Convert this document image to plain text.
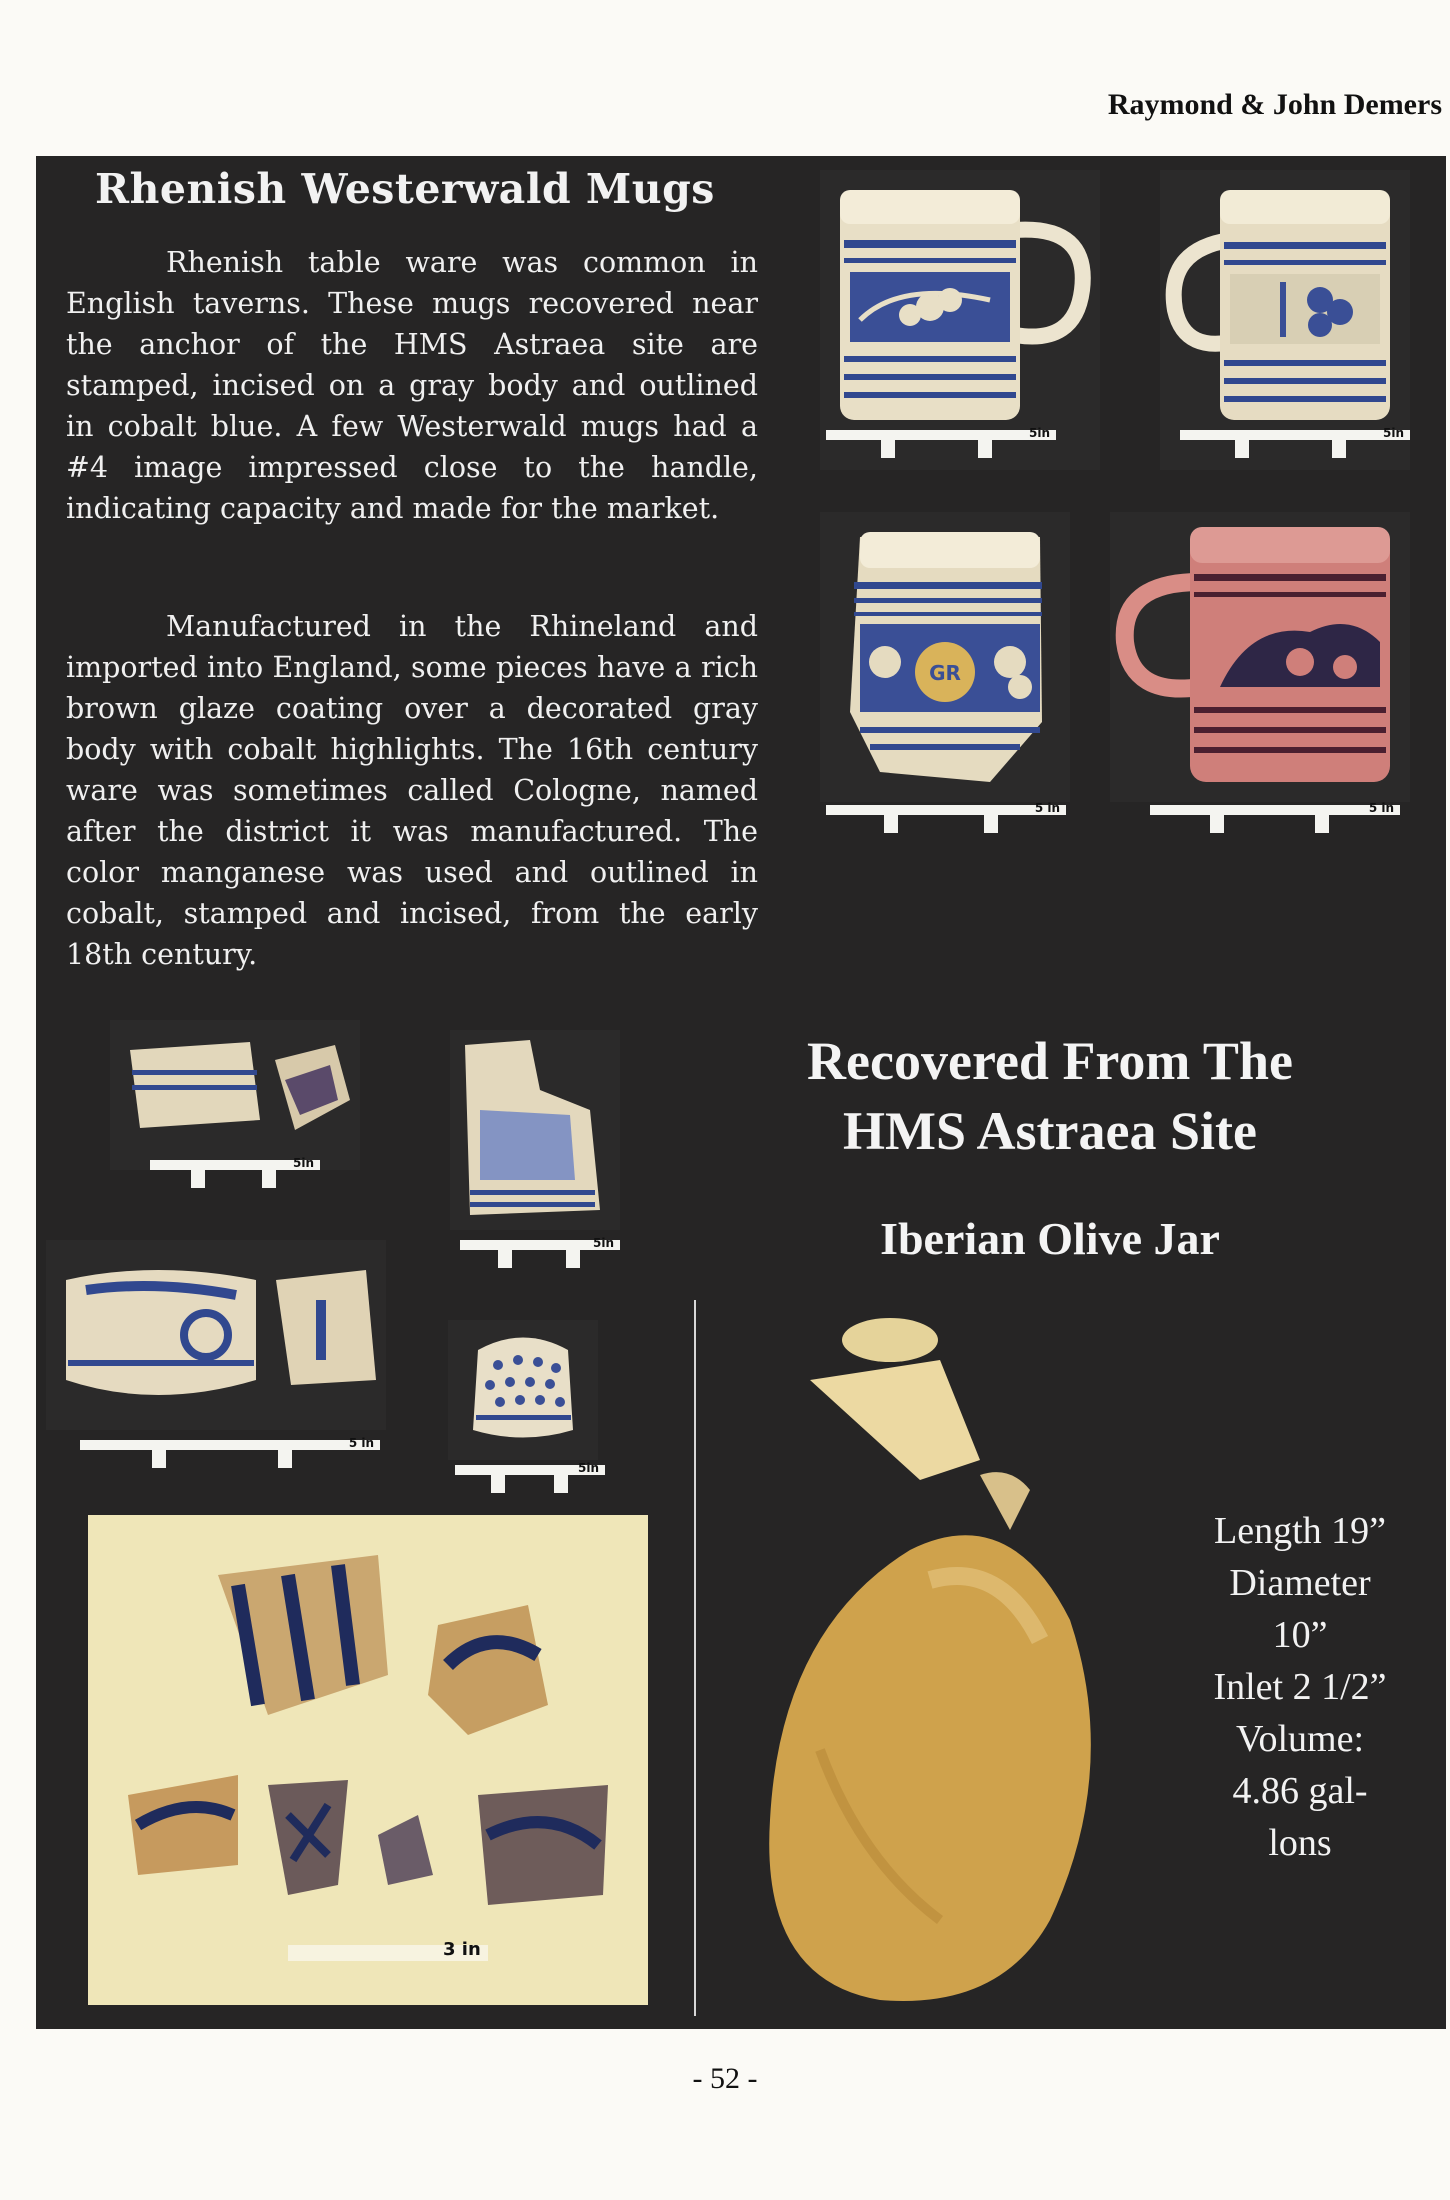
Raymond & John Demers
Rhenish Westerwald Mugs

Rhenish table ware was common in English taverns. These mugs recovered near the anchor of the HMS Astraea site are stamped, incised on a gray body and outlined in cobalt blue. A few Westerwald mugs had a #4 image impressed close to the handle, indicating capacity and made for the market.

Manufactured in the Rhineland and imported into England, some pieces have a rich brown glaze coating over a decorated gray body with cobalt highlights. The 16th century ware was sometimes called Cologne, named after the district it was manufactured. The color manganese was used and outlined in cobalt, stamped and incised, from the early 18th century.

5in	5in
GR
5 in	5 in
5in
5in
5 in
5in
3 in
Recovered From The
HMS Astraea Site
Iberian Olive Jar
Length 19”
Diameter
10”
Inlet 2 1/2”
Volume:
4.86 gal-
lons
- 52 -
